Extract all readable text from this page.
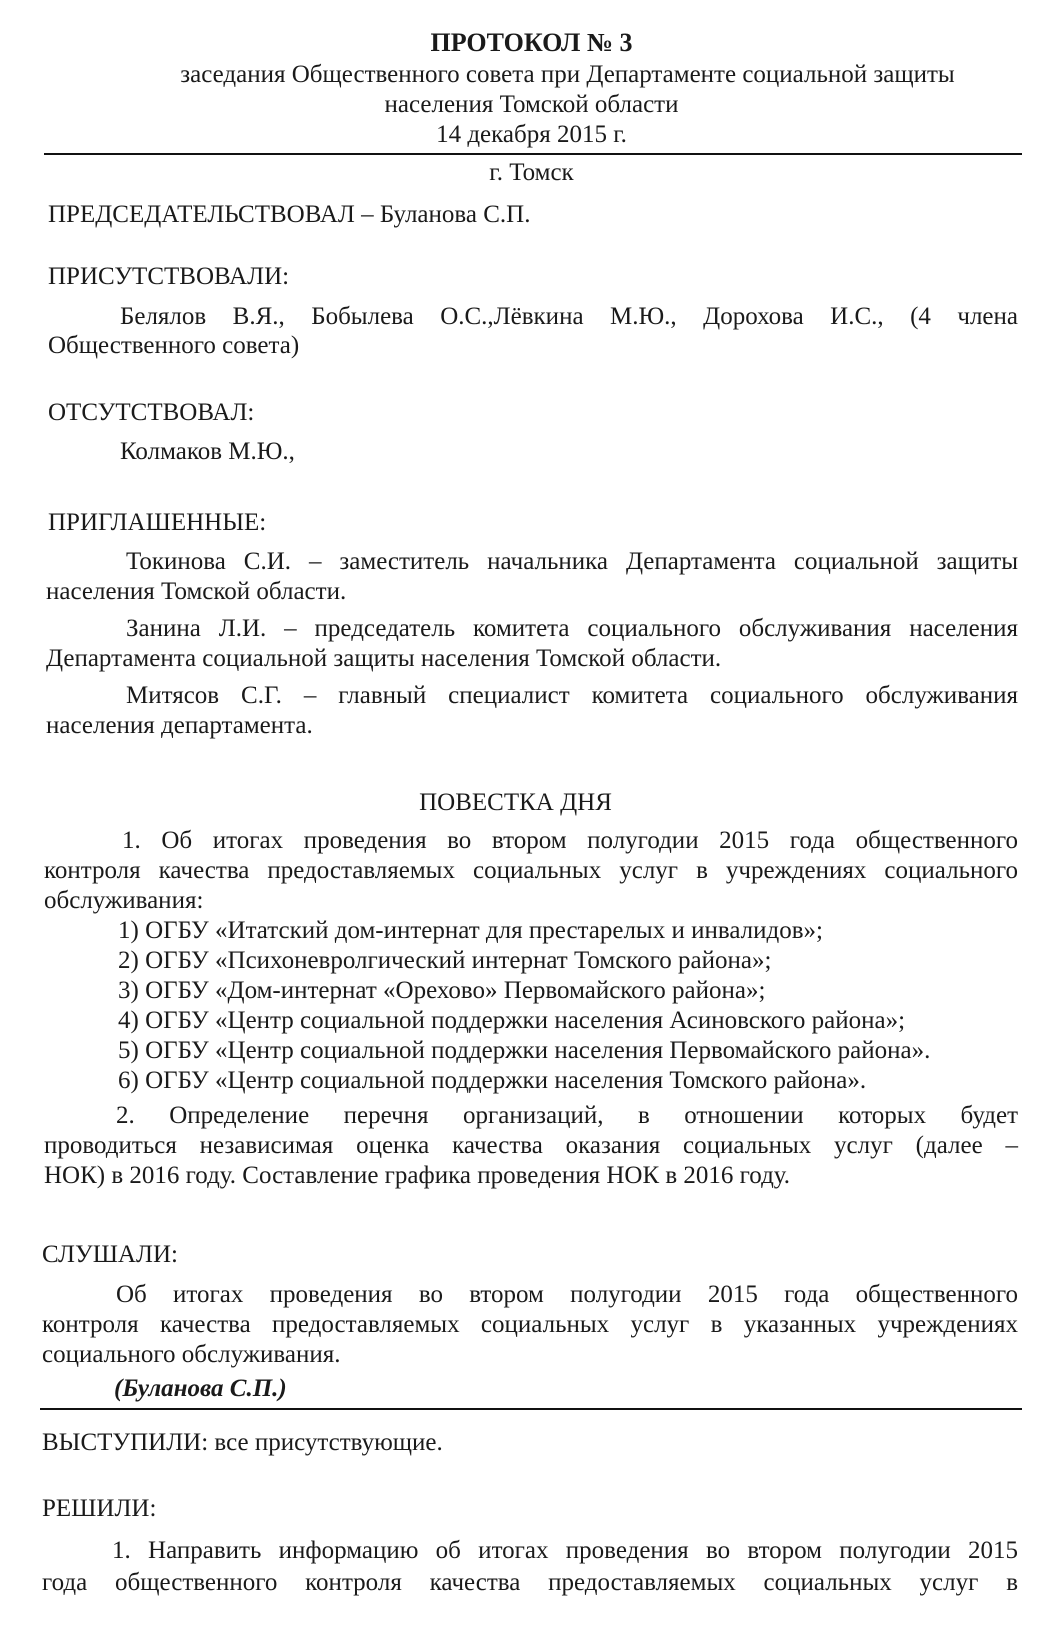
ПРОТОКОЛ № 3
заседания Общественного совета при Департаменте социальной защиты
населения Томской области
14 декабря 2015 г.
г. Томск
ПРЕДСЕДАТЕЛЬСТВОВАЛ – Буланова С.П.
ПРИСУТСТВОВАЛИ:
Белялов В.Я., Бобылева О.С.,Лёвкина М.Ю., Дорохова И.С., (4 члена
Общественного совета)
ОТСУТСТВОВАЛ:
Колмаков М.Ю.,
ПРИГЛАШЕННЫЕ:
Токинова С.И. – заместитель начальника Департамента социальной защиты
населения Томской области.
Занина Л.И. – председатель комитета социального обслуживания населения
Департамента социальной защиты населения Томской области.
Митясов С.Г. – главный специалист комитета социального обслуживания
населения департамента.
ПОВЕСТКА ДНЯ
1. Об итогах проведения во втором полугодии 2015 года общественного
контроля качества предоставляемых социальных услуг в учреждениях социального
обслуживания:
1) ОГБУ «Итатский дом-интернат для престарелых и инвалидов»;
2) ОГБУ «Психоневролгический интернат Томского района»;
3) ОГБУ «Дом-интернат «Орехово» Первомайского района»;
4) ОГБУ «Центр социальной поддержки населения Асиновского района»;
5) ОГБУ «Центр социальной поддержки населения Первомайского района».
6) ОГБУ «Центр социальной поддержки населения Томского района».
2. Определение перечня организаций, в отношении которых будет
проводиться независимая оценка качества оказания социальных услуг (далее –
НОК) в 2016 году. Составление графика проведения НОК в 2016 году.
СЛУШАЛИ:
Об итогах проведения во втором полугодии 2015 года общественного
контроля качества предоставляемых социальных услуг в указанных учреждениях
социального обслуживания.
(Буланова С.П.)
ВЫСТУПИЛИ: все присутствующие.
РЕШИЛИ:
1. Направить информацию об итогах проведения во втором полугодии 2015
года общественного контроля качества предоставляемых социальных услуг в
